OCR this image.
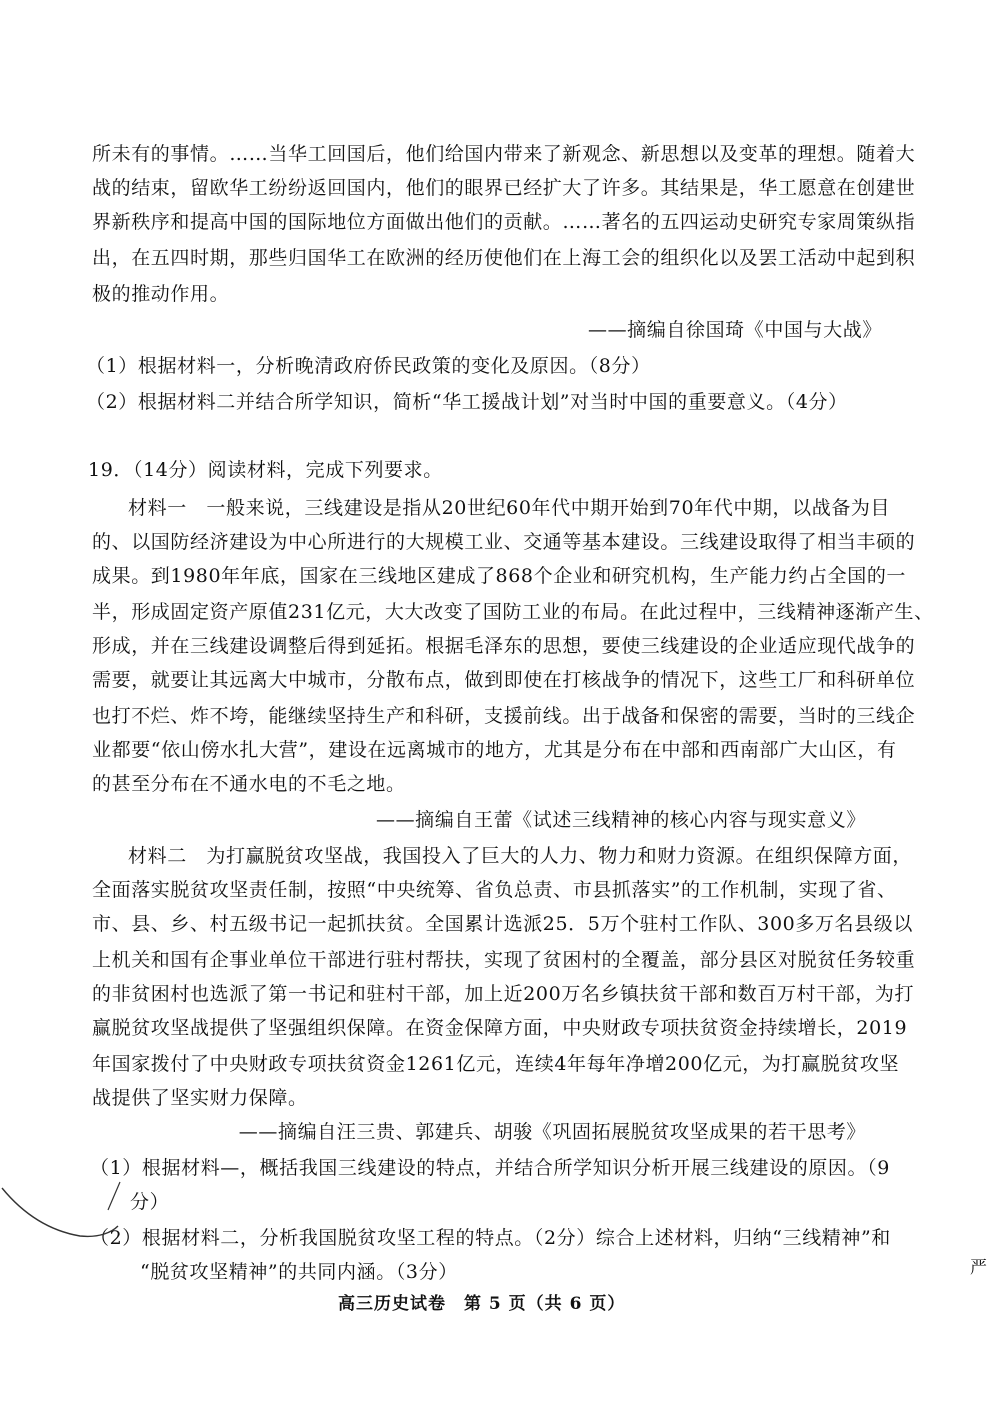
所未有的事情。……当华工回国后，他们给国内带来了新观念、新思想以及变革的理想。随着大
战的结束，留欧华工纷纷返回国内，他们的眼界已经扩大了许多。其结果是，华工愿意在创建世
界新秩序和提高中国的国际地位方面做出他们的贡献。……著名的五四运动史研究专家周策纵指
出，在五四时期，那些归国华工在欧洲的经历使他们在上海工会的组织化以及罢工活动中起到积
极的推动作用。
——摘编自徐国琦《中国与大战》
（1）根据材料一，分析晚清政府侨民政策的变化及原因。（8分）
（2）根据材料二并结合所学知识，简析“华工援战计划”对当时中国的重要意义。（4分）
19．（14分）阅读材料，完成下列要求。
材料一　一般来说，三线建设是指从20世纪60年代中期开始到70年代中期，以战备为目
的、以国防经济建设为中心所进行的大规模工业、交通等基本建设。三线建设取得了相当丰硕的
成果。到1980年年底，国家在三线地区建成了868个企业和研究机构，生产能力约占全国的一
半，形成固定资产原值231亿元，大大改变了国防工业的布局。在此过程中，三线精神逐渐产生、
形成，并在三线建设调整后得到延拓。根据毛泽东的思想，要使三线建设的企业适应现代战争的
需要，就要让其远离大中城市，分散布点，做到即使在打核战争的情况下，这些工厂和科研单位
也打不烂、炸不垮，能继续坚持生产和科研，支援前线。出于战备和保密的需要，当时的三线企
业都要“依山傍水扎大营”，建设在远离城市的地方，尤其是分布在中部和西南部广大山区，有
的甚至分布在不通水电的不毛之地。
——摘编自王蕾《试述三线精神的核心内容与现实意义》
材料二　为打赢脱贫攻坚战，我国投入了巨大的人力、物力和财力资源。在组织保障方面，
全面落实脱贫攻坚责任制，按照“中央统筹、省负总责、市县抓落实”的工作机制，实现了省、
市、县、乡、村五级书记一起抓扶贫。全国累计选派25．5万个驻村工作队、300多万名县级以
上机关和国有企事业单位干部进行驻村帮扶，实现了贫困村的全覆盖，部分县区对脱贫任务较重
的非贫困村也选派了第一书记和驻村干部，加上近200万名乡镇扶贫干部和数百万村干部，为打
赢脱贫攻坚战提供了坚强组织保障。在资金保障方面，中央财政专项扶贫资金持续增长，2019
年国家拨付了中央财政专项扶贫资金1261亿元，连续4年每年净增200亿元，为打赢脱贫攻坚
战提供了坚实财力保障。
——摘编自汪三贵、郭建兵、胡骏《巩固拓展脱贫攻坚成果的若干思考》
（1）根据材料—，概括我国三线建设的特点，并结合所学知识分析开展三线建设的原因。（9
分）
（2）根据材料二，分析我国脱贫攻坚工程的特点。（2分）综合上述材料，归纳“三线精神”和
“脱贫攻坚精神”的共同内涵。（3分）	严
高三历史试卷　第 5 页（共 6 页）
